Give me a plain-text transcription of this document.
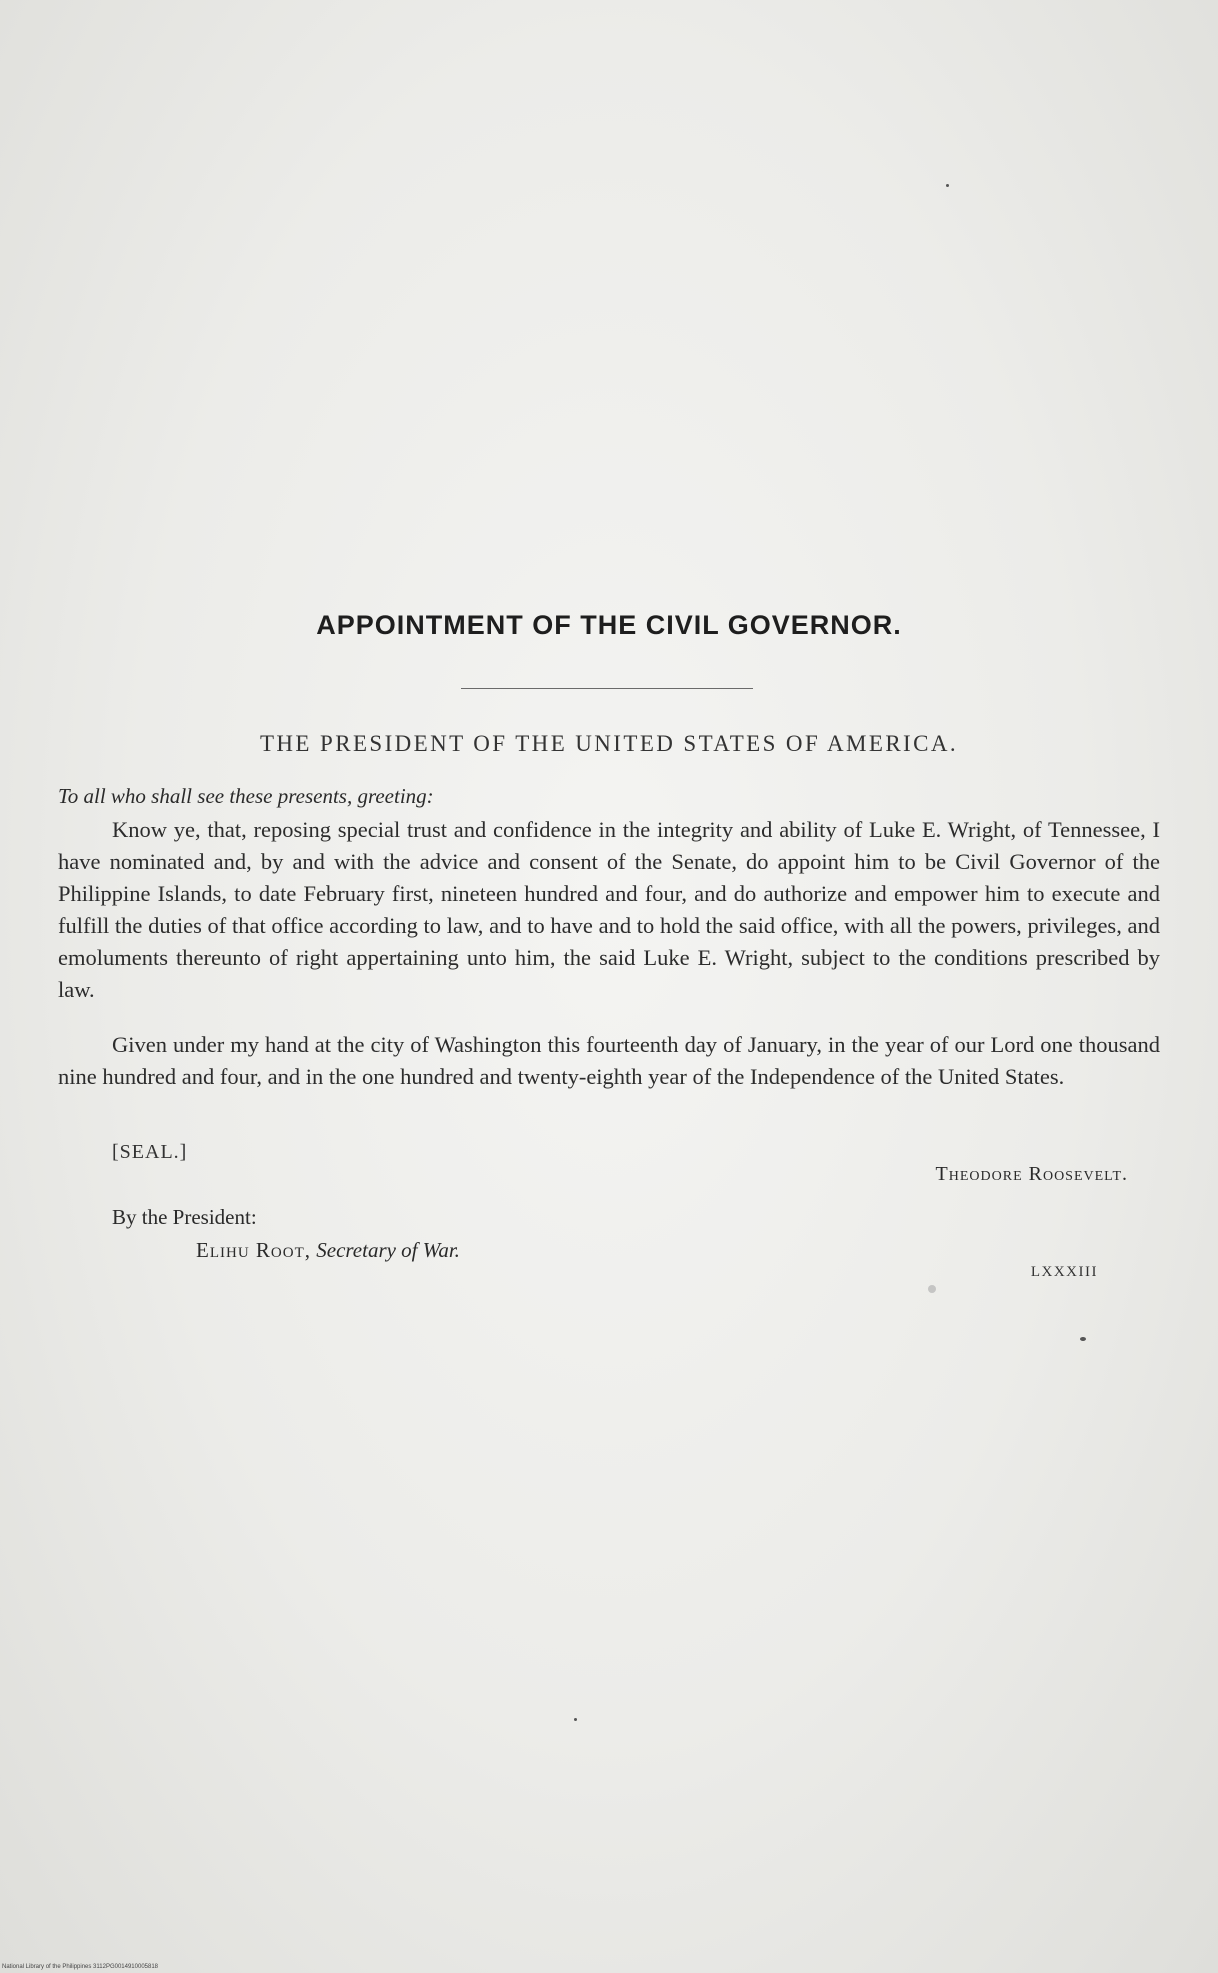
APPOINTMENT OF THE CIVIL GOVERNOR.
THE PRESIDENT OF THE UNITED STATES OF AMERICA.
To all who shall see these presents, greeting:
Know ye, that, reposing special trust and confidence in the integrity and ability of Luke E. Wright, of Tennessee, I have nominated and, by and with the advice and consent of the Senate, do appoint him to be Civil Governor of the Philippine Islands, to date February first, nineteen hundred and four, and do authorize and empower him to execute and fulfill the duties of that office according to law, and to have and to hold the said office, with all the powers, privileges, and emoluments thereunto of right appertaining unto him, the said Luke E. Wright, subject to the conditions prescribed by law.
Given under my hand at the city of Washington this fourteenth day of January, in the year of our Lord one thousand nine hundred and four, and in the one hundred and twenty-eighth year of the Independence of the United States.
[SEAL.]
Theodore Roosevelt.
By the President:
Elihu Root, Secretary of War.
LXXXIII
National Library of the Philippines 3112PG0014910005818
